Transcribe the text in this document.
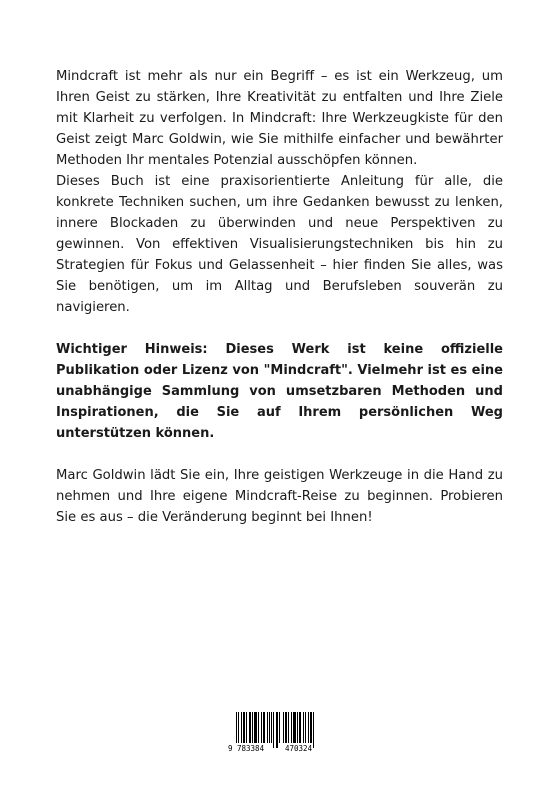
Mindcraft ist mehr als nur ein Begriff – es ist ein Werkzeug, um Ihren Geist zu stärken, Ihre Kreativität zu entfalten und Ihre Ziele mit Klarheit zu verfolgen. In Mindcraft: Ihre Werkzeugkiste für den Geist zeigt Marc Goldwin, wie Sie mithilfe einfacher und bewährter Methoden Ihr mentales Potenzial ausschöpfen können.

Dieses Buch ist eine praxisorientierte Anleitung für alle, die konkrete Techniken suchen, um ihre Gedanken bewusst zu lenken, innere Blockaden zu überwinden und neue Perspektiven zu gewinnen. Von effektiven Visualisierungstechniken bis hin zu Strategien für Fokus und Gelassenheit – hier finden Sie alles, was Sie benötigen, um im Alltag und Berufsleben souverän zu navigieren.

Wichtiger Hinweis: Dieses Werk ist keine offizielle Publikation oder Lizenz von "Mindcraft". Vielmehr ist es eine unabhängige Sammlung von umsetzbaren Methoden und Inspirationen, die Sie auf Ihrem persönlichen Weg unterstützen können.

Marc Goldwin lädt Sie ein, Ihre geistigen Werkzeuge in die Hand zu nehmen und Ihre eigene Mindcraft-Reise zu beginnen. Probieren Sie es aus – die Veränderung beginnt bei Ihnen!

9 783384	470324
